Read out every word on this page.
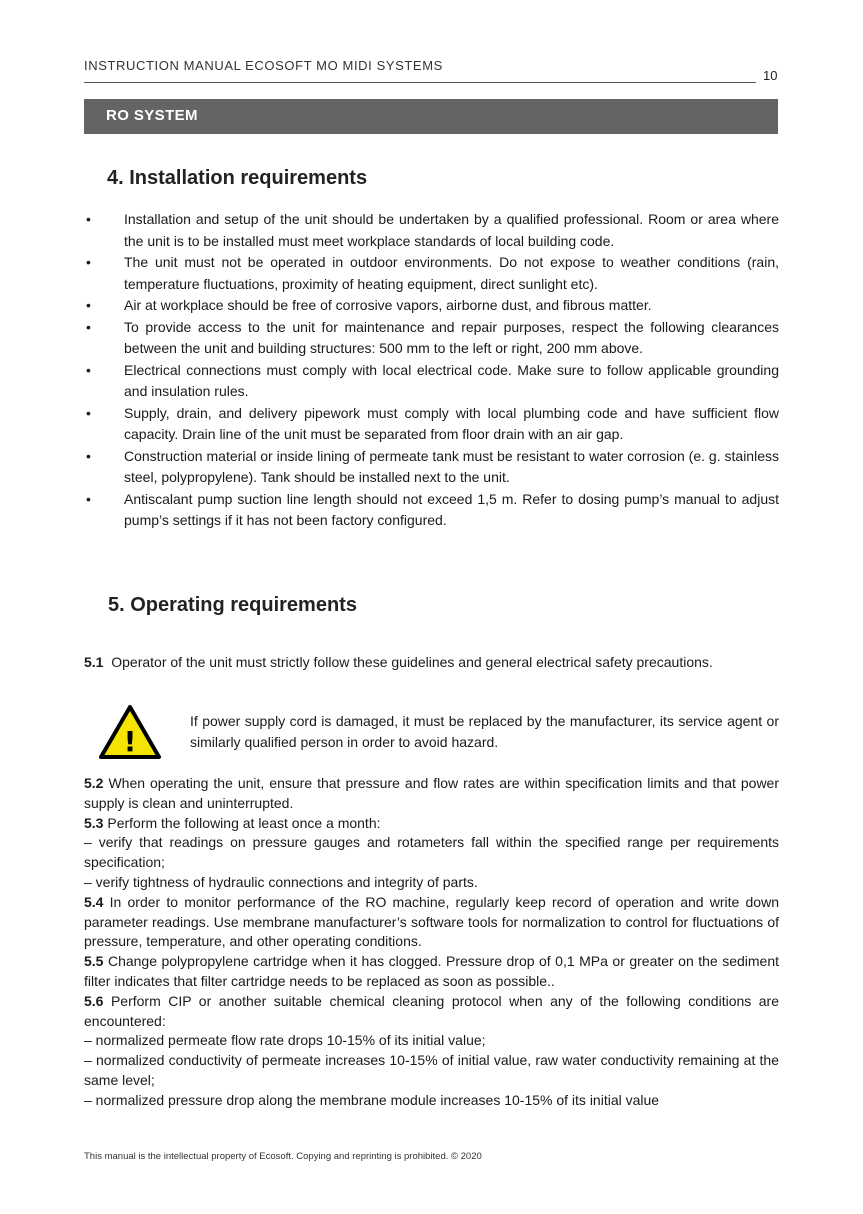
INSTRUCTION MANUAL ECOSOFT MO MIDI SYSTEMS
10
RO SYSTEM
4. Installation requirements
• Installation and setup of the unit should be undertaken by a qualified professional. Room or area where the unit is to be installed must meet workplace standards of local building code.
• The unit must not be operated in outdoor environments. Do not expose to weather conditions (rain, temperature fluctuations, proximity of heating equipment, direct sunlight etc).
• Air at workplace should be free of corrosive vapors, airborne dust, and fibrous matter.
• To provide access to the unit for maintenance and repair purposes, respect the following clearances between the unit and building structures: 500 mm to the left or right, 200 mm above.
• Electrical connections must comply with local electrical code. Make sure to follow applicable grounding and insulation rules.
• Supply, drain, and delivery pipework must comply with local plumbing code and have sufficient flow capacity. Drain line of the unit must be separated from floor drain with an air gap.
• Construction material or inside lining of permeate tank must be resistant to water corrosion (e. g. stainless steel, polypropylene). Tank should be installed next to the unit.
• Antiscalant pump suction line length should not exceed 1,5 m. Refer to dosing pump’s manual to adjust pump’s settings if it has not been factory configured.
5. Operating requirements

5.1 Operator of the unit must strictly follow these guidelines and general electrical safety precautions.

!

If power supply cord is damaged, it must be replaced by the manufacturer, its service agent or similarly qualified person in order to avoid hazard.

5.2 When operating the unit, ensure that pressure and flow rates are within specification limits and that power supply is clean and uninterrupted.

5.3 Perform the following at least once a month:

– verify that readings on pressure gauges and rotameters fall within the specified range per requirements specification;

– verify tightness of hydraulic connections and integrity of parts.

5.4 In order to monitor performance of the RO machine, regularly keep record of operation and write down parameter readings. Use membrane manufacturer’s software tools for normalization to control for fluctuations of pressure, temperature, and other operating conditions.

5.5 Change polypropylene cartridge when it has clogged. Pressure drop of 0,1 MPa or greater on the sediment filter indicates that filter cartridge needs to be replaced as soon as possible..

5.6 Perform CIP or another suitable chemical cleaning protocol when any of the following conditions are encountered:

– normalized permeate flow rate drops 10-15% of its initial value;

– normalized conductivity of permeate increases 10-15% of initial value, raw water conductivity remaining at the same level;

– normalized pressure drop along the membrane module increases 10-15% of its initial value

This manual is the intellectual property of Ecosoft. Copying and reprinting is prohibited. © 2020
